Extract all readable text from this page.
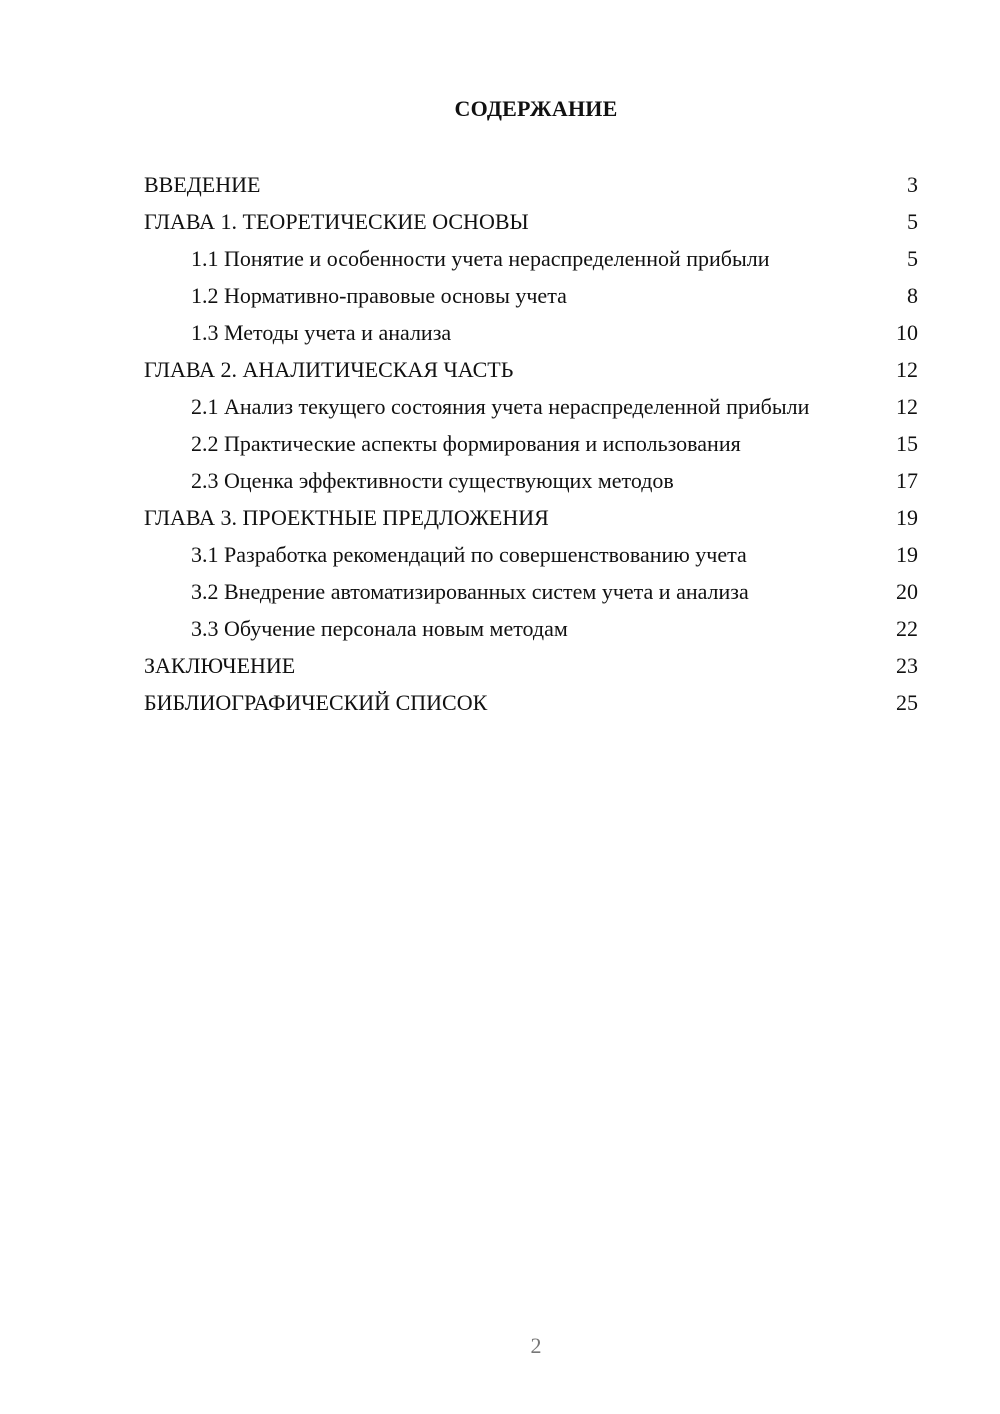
СОДЕРЖАНИЕ
ВВЕДЕНИЕ	3
ГЛАВА 1. ТЕОРЕТИЧЕСКИЕ ОСНОВЫ	5
1.1 Понятие и особенности учета нераспределенной прибыли	5
1.2 Нормативно-правовые основы учета	8
1.3 Методы учета и анализа	10
ГЛАВА 2. АНАЛИТИЧЕСКАЯ ЧАСТЬ	12
2.1 Анализ текущего состояния учета нераспределенной прибыли	12
2.2 Практические аспекты формирования и использования	15
2.3 Оценка эффективности существующих методов	17
ГЛАВА 3. ПРОЕКТНЫЕ ПРЕДЛОЖЕНИЯ	19
3.1 Разработка рекомендаций по совершенствованию учета	19
3.2 Внедрение автоматизированных систем учета и анализа	20
3.3 Обучение персонала новым методам	22
ЗАКЛЮЧЕНИЕ	23
БИБЛИОГРАФИЧЕСКИЙ СПИСОК	25
2
